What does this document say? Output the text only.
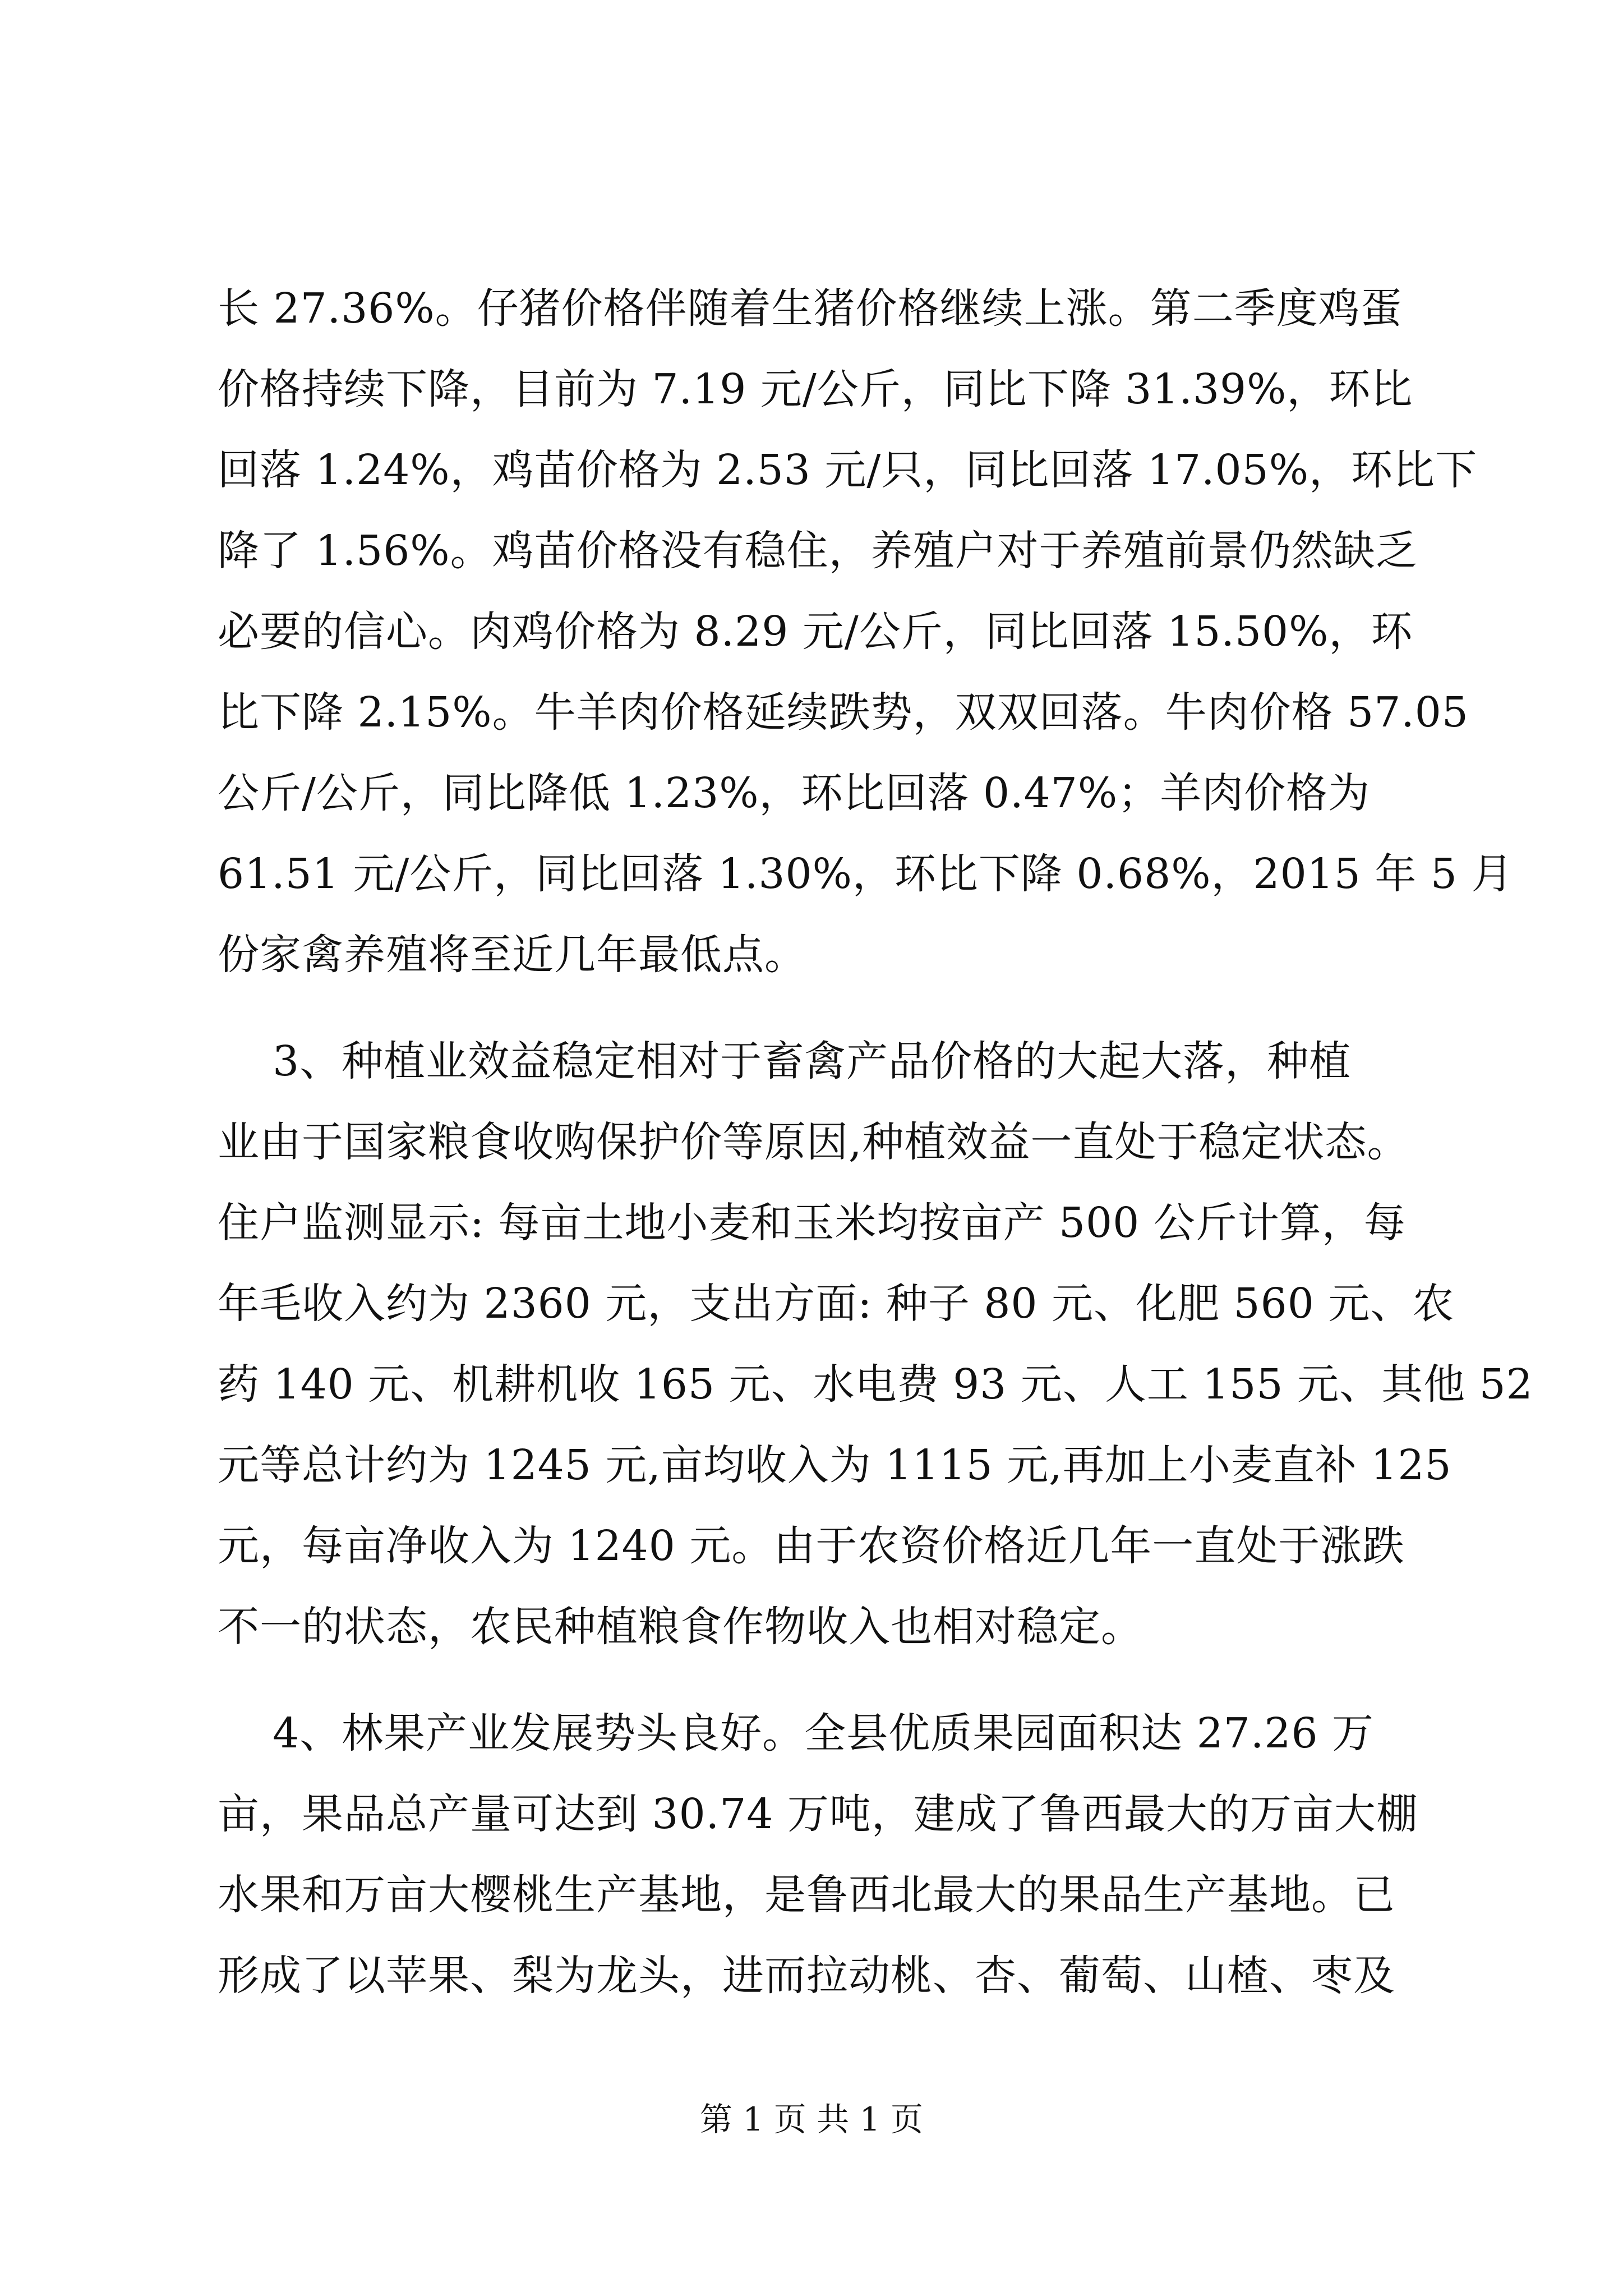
长 27.36%。仔猪价格伴随着生猪价格继续上涨。第二季度鸡蛋
价格持续下降，目前为 7.19 元/公斤，同比下降 31.39%，环比
回落 1.24%，鸡苗价格为 2.53 元/只，同比回落 17.05%，环比下
降了 1.56%。鸡苗价格没有稳住，养殖户对于养殖前景仍然缺乏
必要的信心。肉鸡价格为 8.29 元/公斤，同比回落 15.50%，环
比下降 2.15%。牛羊肉价格延续跌势，双双回落。牛肉价格 57.05
公斤/公斤，同比降低 1.23%，环比回落 0.47%；羊肉价格为
61.51 元/公斤，同比回落 1.30%，环比下降 0.68%，2015 年 5 月
份家禽养殖将至近几年最低点。
3、种植业效益稳定相对于畜禽产品价格的大起大落，种植
业由于国家粮食收购保护价等原因,种植效益一直处于稳定状态。
住户监测显示: 每亩土地小麦和玉米均按亩产 500 公斤计算，每
年毛收入约为 2360 元，支出方面: 种子 80 元、化肥 560 元、农
药 140 元、机耕机收 165 元、水电费 93 元、人工 155 元、其他 52
元等总计约为 1245 元,亩均收入为 1115 元,再加上小麦直补 125
元，每亩净收入为 1240 元。由于农资价格近几年一直处于涨跌
不一的状态，农民种植粮食作物收入也相对稳定。
4、林果产业发展势头良好。全县优质果园面积达 27.26 万
亩，果品总产量可达到 30.74 万吨，建成了鲁西最大的万亩大棚
水果和万亩大樱桃生产基地，是鲁西北最大的果品生产基地。已
形成了以苹果、梨为龙头，进而拉动桃、杏、葡萄、山楂、枣及
第 1 页 共 1 页
